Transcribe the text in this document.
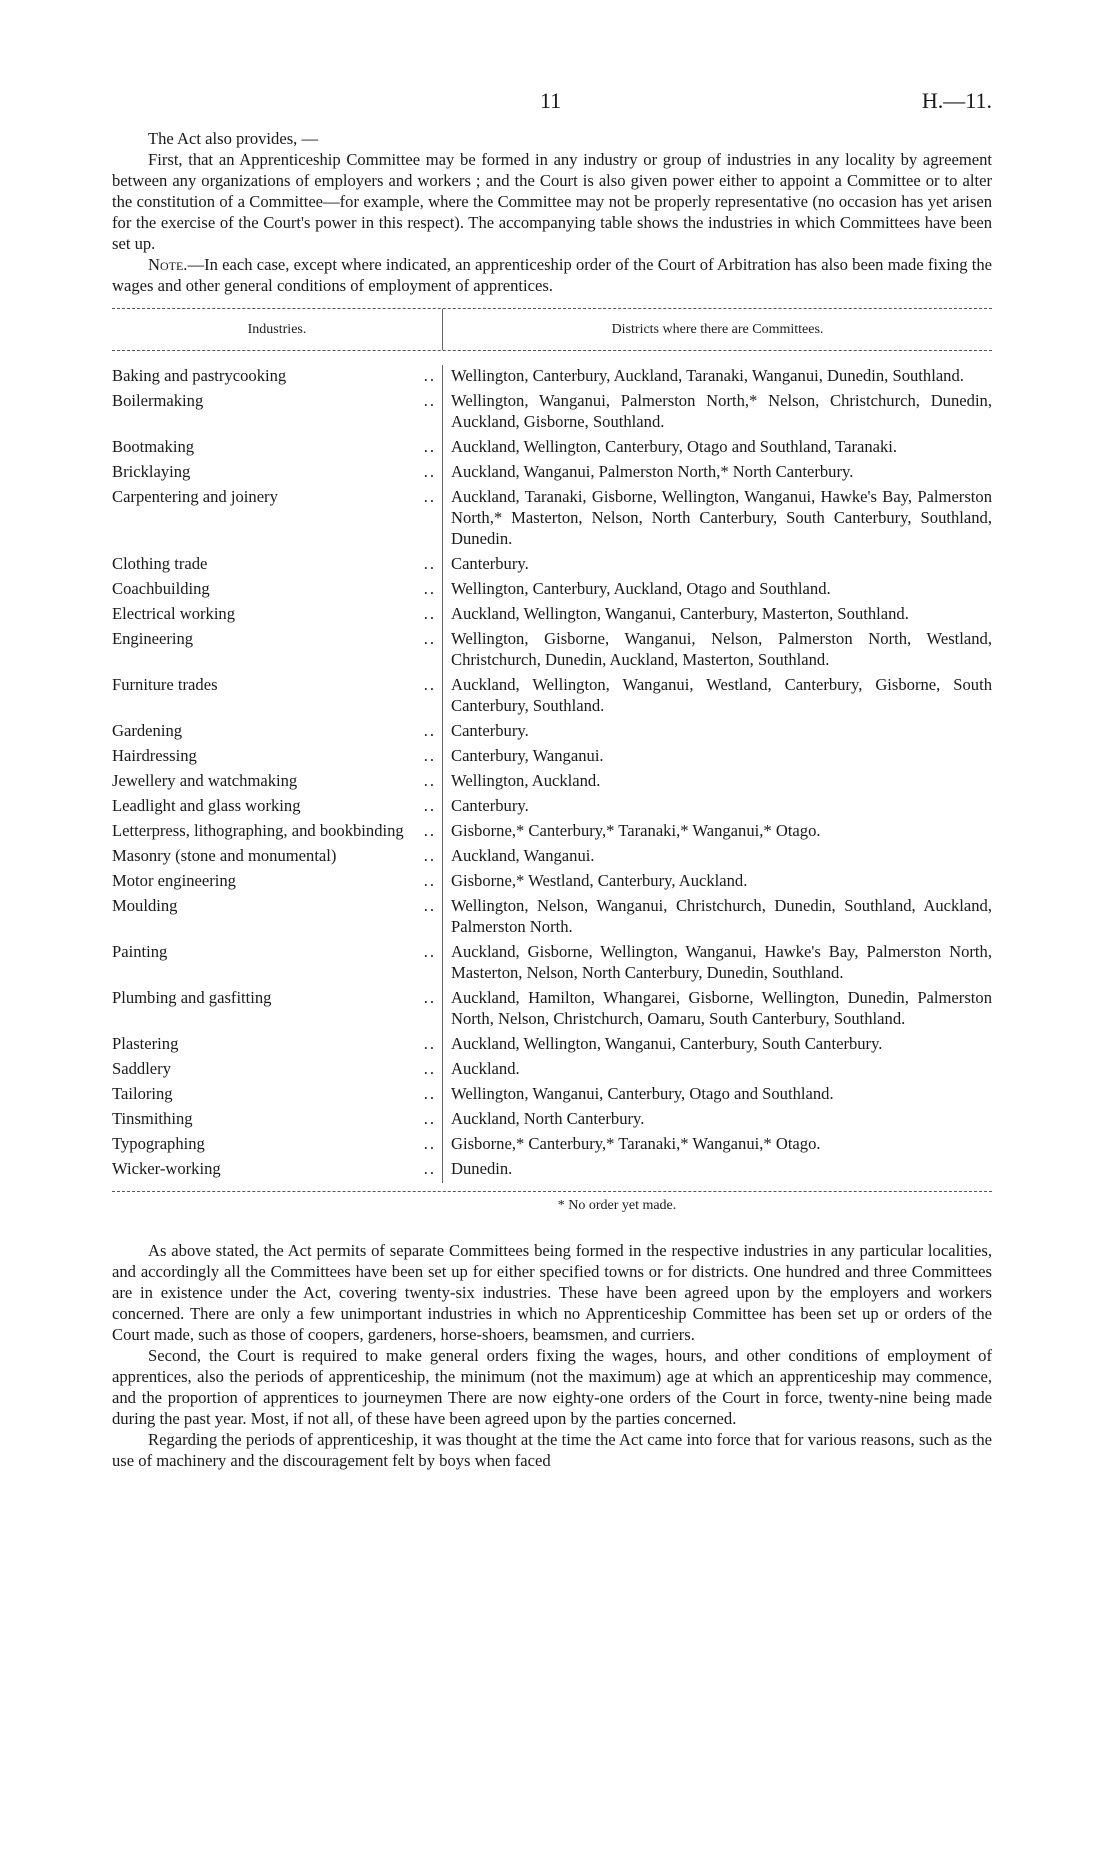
11	H.—11.

The Act also provides, —

First, that an Apprenticeship Committee may be formed in any industry or group of industries in any locality by agreement between any organizations of employers and workers ; and the Court is also given power either to appoint a Committee or to alter the constitution of a Committee—for example, where the Committee may not be properly representative (no occasion has yet arisen for the exercise of the Court's power in this respect). The accompanying table shows the industries in which Committees have been set up.

Note.—In each case, except where indicated, an apprenticeship order of the Court of Arbitration has also been made fixing the wages and other general conditions of employment of apprentices.

Industries.	Districts where there are Committees.

..
Baking and pastrycooking	Wellington, Canterbury, Auckland, Taranaki, Wanganui, Dunedin, Southland.

..
Boilermaking	Wellington, Wanganui, Palmerston North,* Nelson, Christchurch, Dunedin, Auckland, Gisborne, Southland.

..
Bootmaking	Auckland, Wellington, Canterbury, Otago and Southland, Taranaki.

..
Bricklaying	Auckland, Wanganui, Palmerston North,* North Canterbury.

..
Carpentering and joinery	Auckland, Taranaki, Gisborne, Wellington, Wanganui, Hawke's Bay, Palmerston North,* Masterton, Nelson, North Canterbury, South Canterbury, Southland, Dunedin.

..
Clothing trade	Canterbury.

..
Coachbuilding	Wellington, Canterbury, Auckland, Otago and Southland.

..
Electrical working	Auckland, Wellington, Wanganui, Canterbury, Masterton, Southland.

..
Engineering	Wellington, Gisborne, Wanganui, Nelson, Palmerston North, Westland, Christchurch, Dunedin, Auckland, Masterton, Southland.

..
Furniture trades	Auckland, Wellington, Wanganui, Westland, Canterbury, Gisborne, South Canterbury, Southland.

..
Gardening	Canterbury.

..
Hairdressing	Canterbury, Wanganui.

..
Jewellery and watchmaking	Wellington, Auckland.

..
Leadlight and glass working	Canterbury.

..
Letterpress, lithographing, and bookbinding	Gisborne,* Canterbury,* Taranaki,* Wanganui,* Otago.

..
Masonry (stone and monumental)	Auckland, Wanganui.

..
Motor engineering	Gisborne,* Westland, Canterbury, Auckland.

..
Moulding	Wellington, Nelson, Wanganui, Christchurch, Dunedin, Southland, Auckland, Palmerston North.

..
Painting	Auckland, Gisborne, Wellington, Wanganui, Hawke's Bay, Palmerston North, Masterton, Nelson, North Canterbury, Dunedin, Southland.

..
Plumbing and gasfitting	Auckland, Hamilton, Whangarei, Gisborne, Wellington, Dunedin, Palmerston North, Nelson, Christchurch, Oamaru, South Canterbury, Southland.

..
Plastering	Auckland, Wellington, Wanganui, Canterbury, South Canterbury.

..
Saddlery	Auckland.

..
Tailoring	Wellington, Wanganui, Canterbury, Otago and Southland.

..
Tinsmithing	Auckland, North Canterbury.

..
Typographing	Gisborne,* Canterbury,* Taranaki,* Wanganui,* Otago.

..
Wicker-working	Dunedin.
* No order yet made.

As above stated, the Act permits of separate Committees being formed in the respective industries in any particular localities, and accordingly all the Committees have been set up for either specified towns or for districts. One hundred and three Committees are in existence under the Act, covering twenty-six industries. These have been agreed upon by the employers and workers concerned. There are only a few unimportant industries in which no Apprenticeship Committee has been set up or orders of the Court made, such as those of coopers, gardeners, horse-shoers, beamsmen, and curriers.

Second, the Court is required to make general orders fixing the wages, hours, and other conditions of employment of apprentices, also the periods of apprenticeship, the minimum (not the maximum) age at which an apprenticeship may commence, and the proportion of apprentices to journeymen There are now eighty-one orders of the Court in force, twenty-nine being made during the past year. Most, if not all, of these have been agreed upon by the parties concerned.

Regarding the periods of apprenticeship, it was thought at the time the Act came into force that for various reasons, such as the use of machinery and the discouragement felt by boys when faced
